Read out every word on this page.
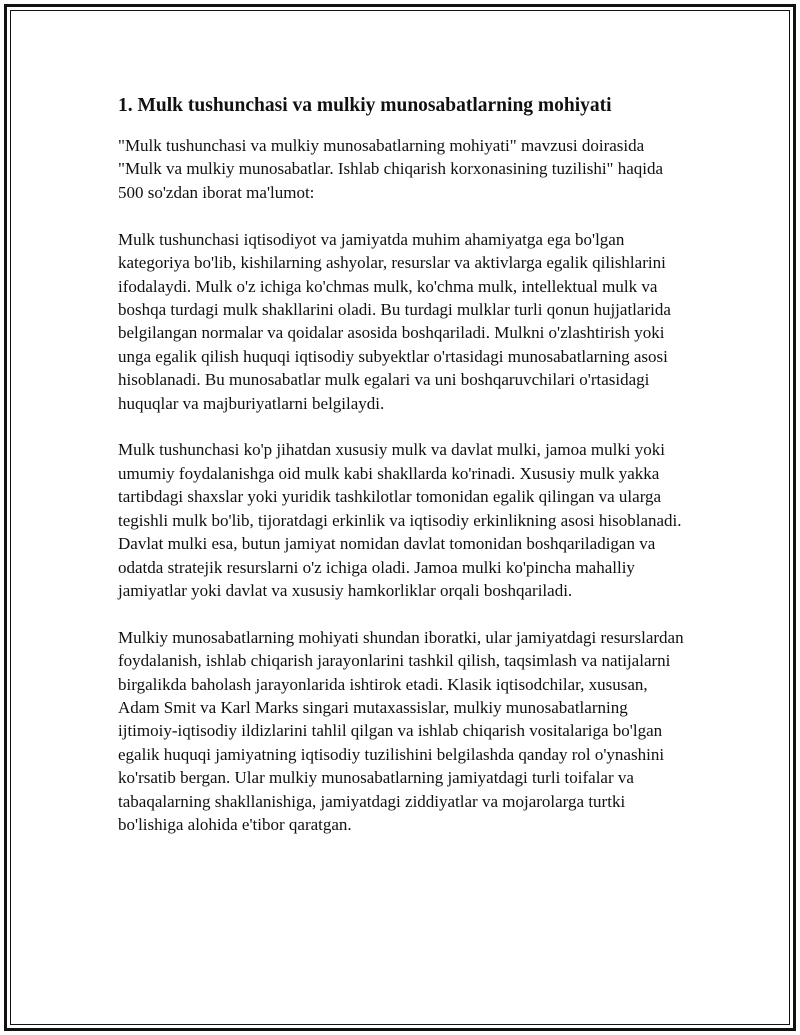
1. Mulk tushunchasi va mulkiy munosabatlarning mohiyati

"Mulk tushunchasi va mulkiy munosabatlarning mohiyati" mavzusi doirasida "Mulk va mulkiy munosabatlar. Ishlab chiqarish korxonasining tuzilishi" haqida 500 so'zdan iborat ma'lumot:

Mulk tushunchasi iqtisodiyot va jamiyatda muhim ahamiyatga ega bo'lgan kategoriya bo'lib, kishilarning ashyolar, resurslar va aktivlarga egalik qilishlarini ifodalaydi. Mulk o'z ichiga ko'chmas mulk, ko'chma mulk, intellektual mulk va boshqa turdagi mulk shakllarini oladi. Bu turdagi mulklar turli qonun hujjatlarida belgilangan normalar va qoidalar asosida boshqariladi. Mulkni o'zlashtirish yoki unga egalik qilish huquqi iqtisodiy subyektlar o'rtasidagi munosabatlarning asosi hisoblanadi. Bu munosabatlar mulk egalari va uni boshqaruvchilari o'rtasidagi huquqlar va majburiyatlarni belgilaydi.

Mulk tushunchasi ko'p jihatdan xususiy mulk va davlat mulki, jamoa mulki yoki umumiy foydalanishga oid mulk kabi shakllarda ko'rinadi. Xususiy mulk yakka tartibdagi shaxslar yoki yuridik tashkilotlar tomonidan egalik qilingan va ularga tegishli mulk bo'lib, tijoratdagi erkinlik va iqtisodiy erkinlikning asosi hisoblanadi. Davlat mulki esa, butun jamiyat nomidan davlat tomonidan boshqariladigan va odatda stratejik resurslarni o'z ichiga oladi. Jamoa mulki ko'pincha mahalliy jamiyatlar yoki davlat va xususiy hamkorliklar orqali boshqariladi.

Mulkiy munosabatlarning mohiyati shundan iboratki, ular jamiyatdagi resurslardan foydalanish, ishlab chiqarish jarayonlarini tashkil qilish, taqsimlash va natijalarni birgalikda baholash jarayonlarida ishtirok etadi. Klasik iqtisodchilar, xususan, Adam Smit va Karl Marks singari mutaxassislar, mulkiy munosabatlarning ijtimoiy-iqtisodiy ildizlarini tahlil qilgan va ishlab chiqarish vositalariga bo'lgan egalik huquqi jamiyatning iqtisodiy tuzilishini belgilashda qanday rol o'ynashini ko'rsatib bergan. Ular mulkiy munosabatlarning jamiyatdagi turli toifalar va tabaqalarning shakllanishiga, jamiyatdagi ziddiyatlar va mojarolarga turtki bo'lishiga alohida e'tibor qaratgan.
